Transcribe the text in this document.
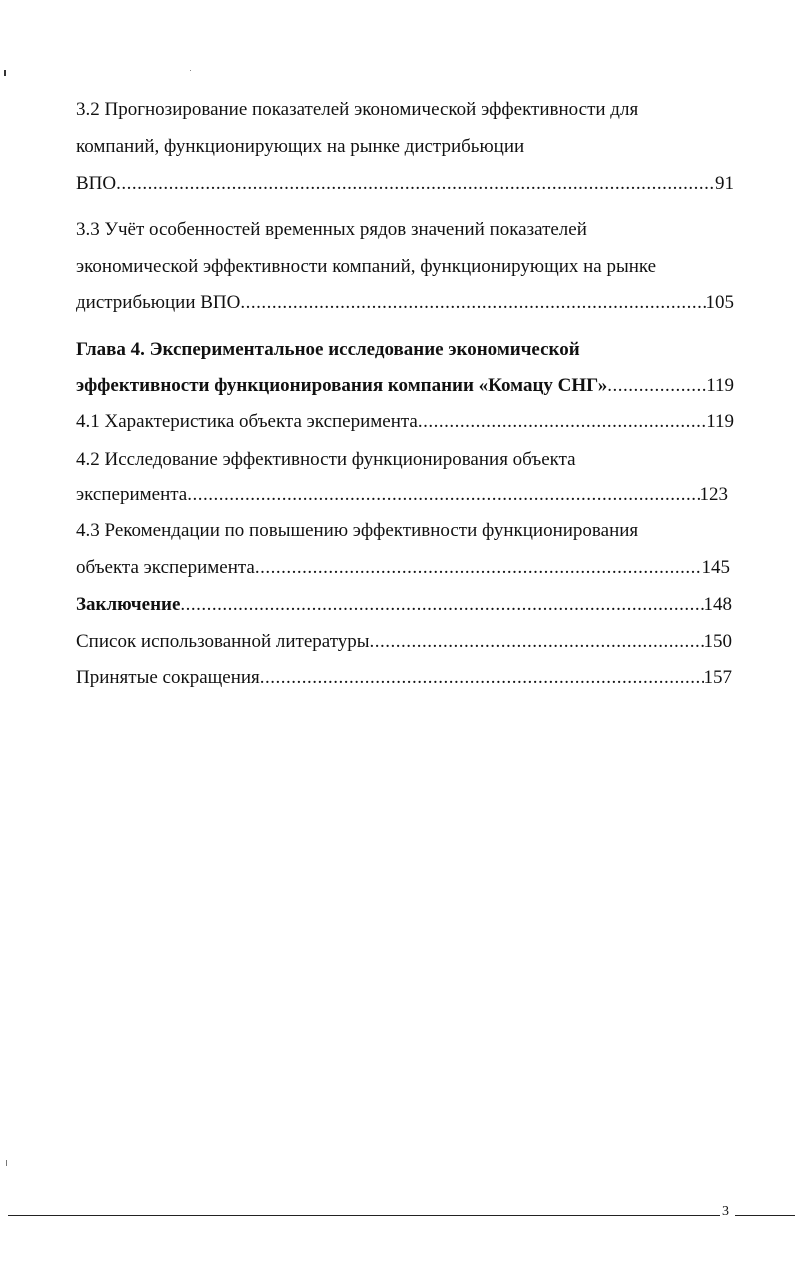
3.2 Прогнозирование показателей экономической эффективности для
компаний, функционирующих на рынке дистрибьюции
ВПО .....	91
3.3 Учёт особенностей временных рядов значений показателей
экономической эффективности компаний, функционирующих на рынке
дистрибьюции ВПО .....	105
Глава 4. Экспериментальное исследование экономической
эффективности функционирования компании «Комацу СНГ» .....	119
4.1 Характеристика объекта эксперимента .....	119
4.2 Исследование эффективности функционирования объекта
эксперимента .....	123
4.3 Рекомендации по повышению эффективности функционирования
объекта эксперимента .....	145
Заключение .....	148
Список использованной литературы .....	150
Принятые сокращения .....	157
3
